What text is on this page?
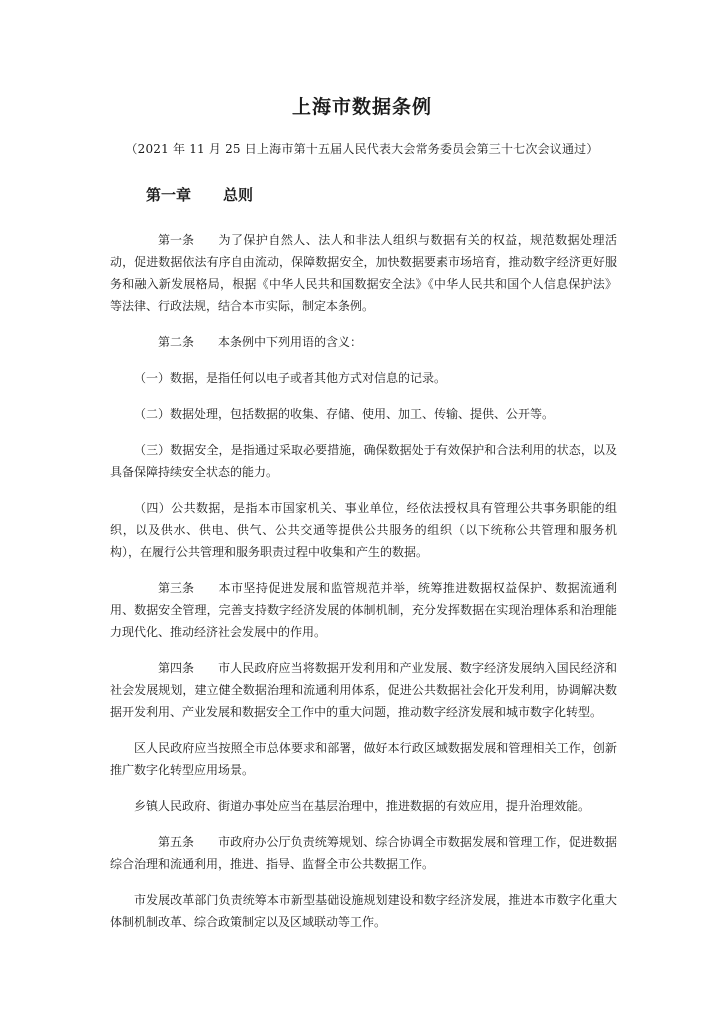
上海市数据条例
（2021 年 11 月 25 日上海市第十五届人民代表大会常务委员会第三十七次会议通过）
第一章 总则

第一条 为了保护自然人、法人和非法人组织与数据有关的权益，规范数据处理活动，促进数据依法有序自由流动，保障数据安全，加快数据要素市场培育，推动数字经济更好服务和融入新发展格局，根据《中华人民共和国数据安全法》《中华人民共和国个人信息保护法》等法律、行政法规，结合本市实际，制定本条例。

第二条 本条例中下列用语的含义：

（一）数据，是指任何以电子或者其他方式对信息的记录。

（二）数据处理，包括数据的收集、存储、使用、加工、传输、提供、公开等。

（三）数据安全，是指通过采取必要措施，确保数据处于有效保护和合法利用的状态，以及具备保障持续安全状态的能力。

（四）公共数据，是指本市国家机关、事业单位，经依法授权具有管理公共事务职能的组织，以及供水、供电、供气、公共交通等提供公共服务的组织（以下统称公共管理和服务机构），在履行公共管理和服务职责过程中收集和产生的数据。

第三条 本市坚持促进发展和监管规范并举，统筹推进数据权益保护、数据流通利用、数据安全管理，完善支持数字经济发展的体制机制，充分发挥数据在实现治理体系和治理能力现代化、推动经济社会发展中的作用。

第四条 市人民政府应当将数据开发利用和产业发展、数字经济发展纳入国民经济和社会发展规划，建立健全数据治理和流通利用体系，促进公共数据社会化开发利用，协调解决数据开发利用、产业发展和数据安全工作中的重大问题，推动数字经济发展和城市数字化转型。

区人民政府应当按照全市总体要求和部署，做好本行政区域数据发展和管理相关工作，创新推广数字化转型应用场景。

乡镇人民政府、街道办事处应当在基层治理中，推进数据的有效应用，提升治理效能。

第五条 市政府办公厅负责统筹规划、综合协调全市数据发展和管理工作，促进数据综合治理和流通利用，推进、指导、监督全市公共数据工作。

市发展改革部门负责统筹本市新型基础设施规划建设和数字经济发展，推进本市数字化重大体制机制改革、综合政策制定以及区域联动等工作。
